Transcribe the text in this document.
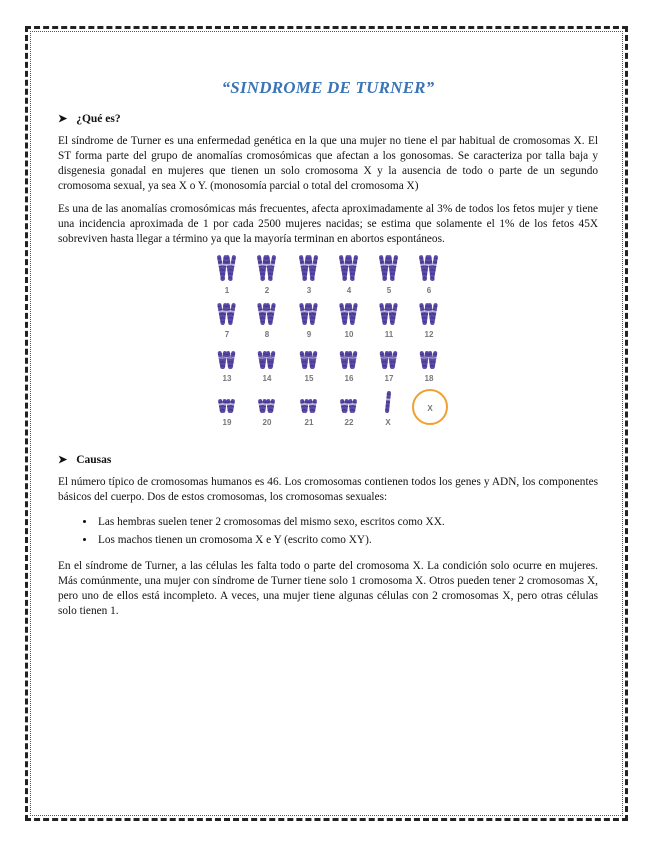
“SINDROME DE TURNER”
➤ ¿Qué es?

El síndrome de Turner es una enfermedad genética en la que una mujer no tiene el par habitual de cromosomas X. El ST forma parte del grupo de anomalías cromosómicas que afectan a los gonosomas. Se caracteriza por talla baja y disgenesia gonadal en mujeres que tienen un solo cromosoma X y la ausencia de todo o parte de un segundo cromosoma sexual, ya sea X o Y. (monosomía parcial o total del cromosoma X)

Es una de las anomalías cromosómicas más frecuentes, afecta aproximadamente al 3% de todos los fetos mujer y tiene una incidencia aproximada de 1 por cada 2500 mujeres nacidas; se estima que solamente el 1% de los fetos 45X sobreviven hasta llegar a término ya que la mayoría terminan en abortos espontáneos.

1	2	3	4	5	6
7	8	9	10	11	12
13	14	15	16	17	18
19	20	21	22	X
X
➤ Causas

El número típico de cromosomas humanos es 46. Los cromosomas contienen todos los genes y ADN, los componentes básicos del cuerpo. Dos de estos cromosomas, los cromosomas sexuales:

• Las hembras suelen tener 2 cromosomas del mismo sexo, escritos como XX.
• Los machos tienen un cromosoma X e Y (escrito como XY).

En el síndrome de Turner, a las células les falta todo o parte del cromosoma X. La condición solo ocurre en mujeres. Más comúnmente, una mujer con síndrome de Turner tiene solo 1 cromosoma X. Otros pueden tener 2 cromosomas X, pero uno de ellos está incompleto. A veces, una mujer tiene algunas células con 2 cromosomas X, pero otras células solo tienen 1.
